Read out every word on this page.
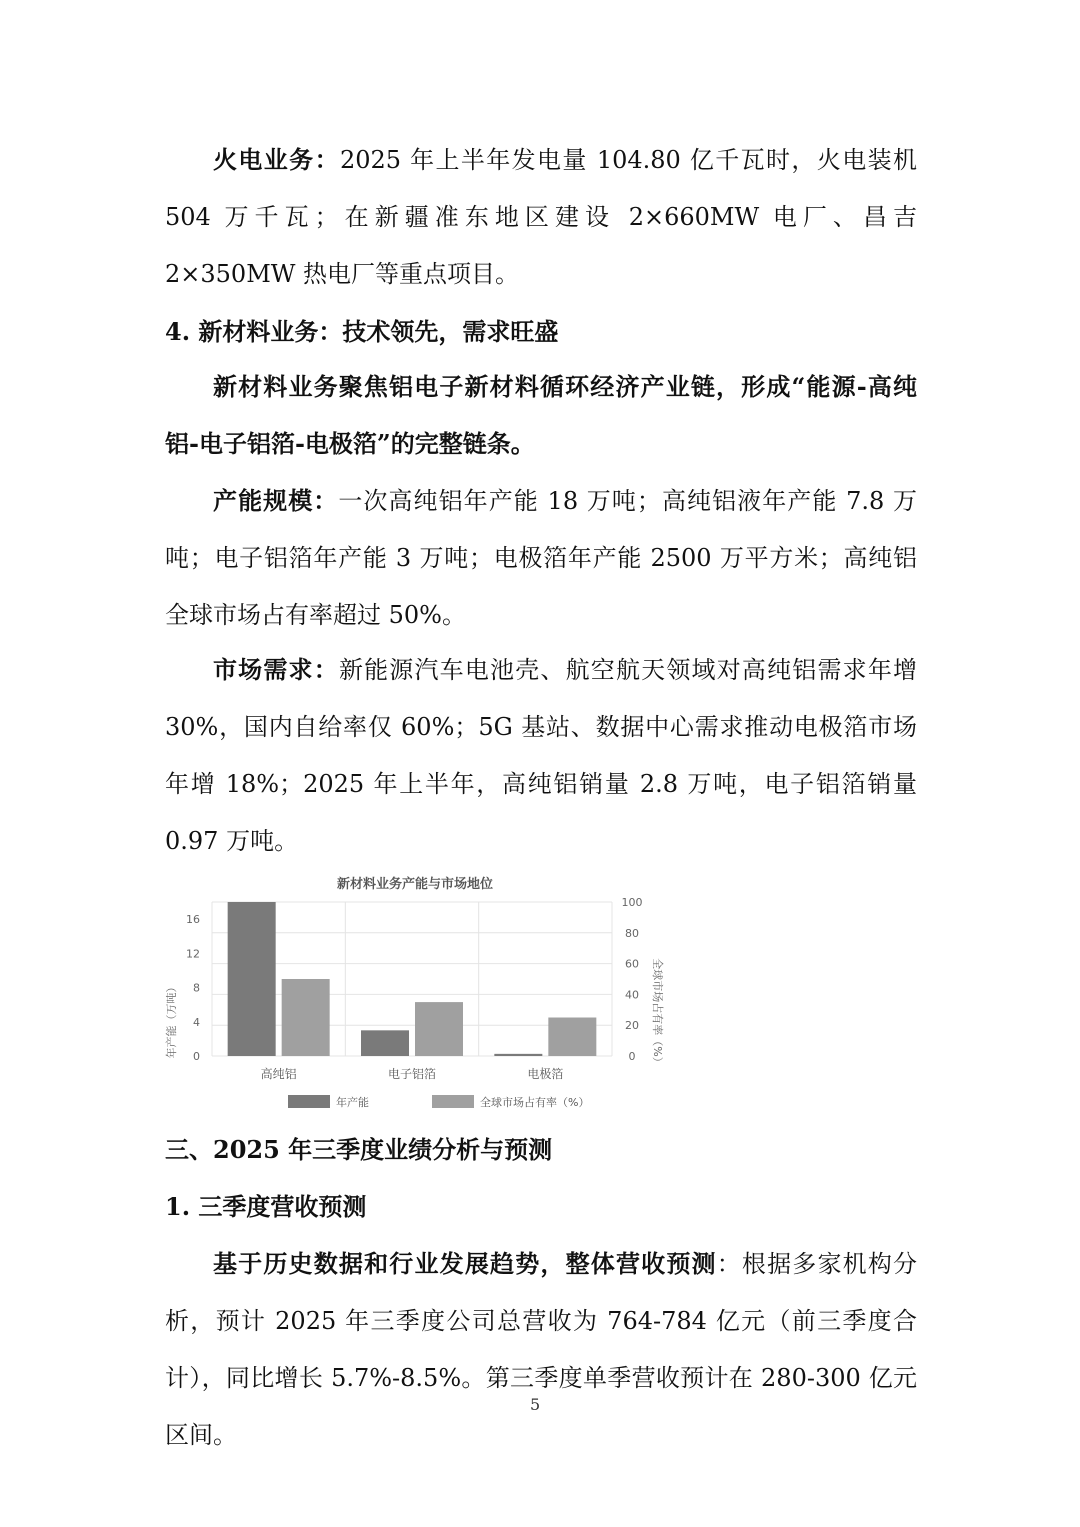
火电业务：2025 年上半年发电量 104.80 亿千瓦时，火电装机 504 万千瓦；在新疆准东地区建设 2×660MW 电厂、昌吉 2×350MW 热电厂等重点项目。

4. 新材料业务：技术领先，需求旺盛

新材料业务聚焦铝电子新材料循环经济产业链，形成“能源-高纯铝-电子铝箔-电极箔”的完整链条。

产能规模：一次高纯铝年产能 18 万吨；高纯铝液年产能 7.8 万吨；电子铝箔年产能 3 万吨；电极箔年产能 2500 万平方米；高纯铝全球市场占有率超过 50%。

市场需求：新能源汽车电池壳、航空航天领域对高纯铝需求年增 30%，国内自给率仅 60%；5G 基站、数据中心需求推动电极箔市场年增 18%；2025 年上半年，高纯铝销量 2.8 万吨，电子铝箔销量 0.97 万吨。

新材料业务产能与市场地位
0
20
40
60
80
100
0
4
8
12
16
高纯铝	电子铝箔	电极箔
年产能（万吨）	全球市场占有率（%）
年产能	全球市场占有率（%）

三、2025 年三季度业绩分析与预测

1. 三季度营收预测

基于历史数据和行业发展趋势，整体营收预测：根据多家机构分析，预计 2025 年三季度公司总营收为 764-784 亿元（前三季度合计），同比增长 5.7%-8.5%。第三季度单季营收预计在 280-300 亿元区间。

5
